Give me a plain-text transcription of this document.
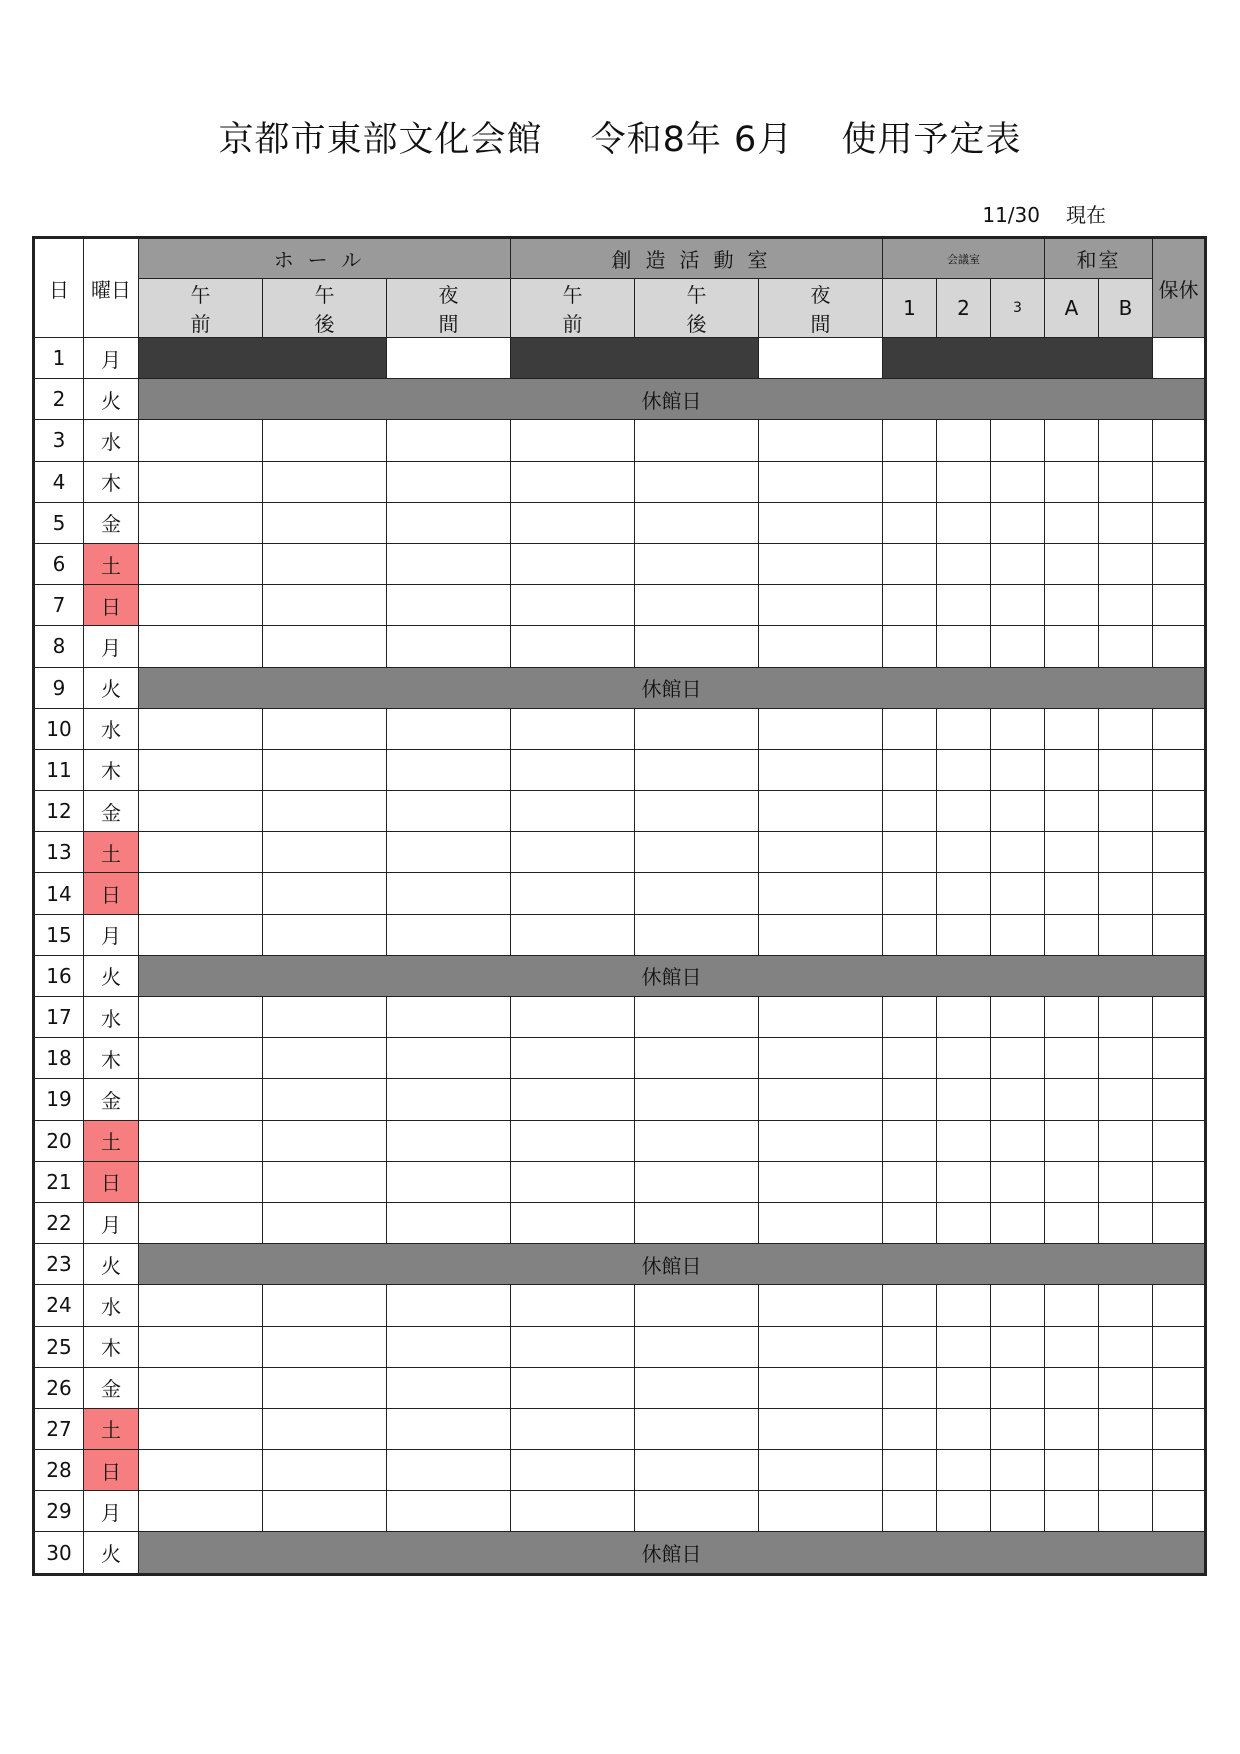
京都市東部文化会館　 令和8年 6月　 使用予定表
11/30 現在
日	曜日	ホール			創造活動室			会議室			和室		保休
		午前	午後	夜間	午前	午後	夜間	1	2	3	A	B	
1	月												
2	火	休館日											
3	水												
4	木												
5	金												
6	土												
7	日												
8	月												
9	火	休館日											
10	水												
11	木												
12	金												
13	土												
14	日												
15	月												
16	火	休館日											
17	水												
18	木												
19	金												
20	土												
21	日												
22	月												
23	火	休館日											
24	水												
25	木												
26	金												
27	土												
28	日												
29	月												
30	火	休館日											
